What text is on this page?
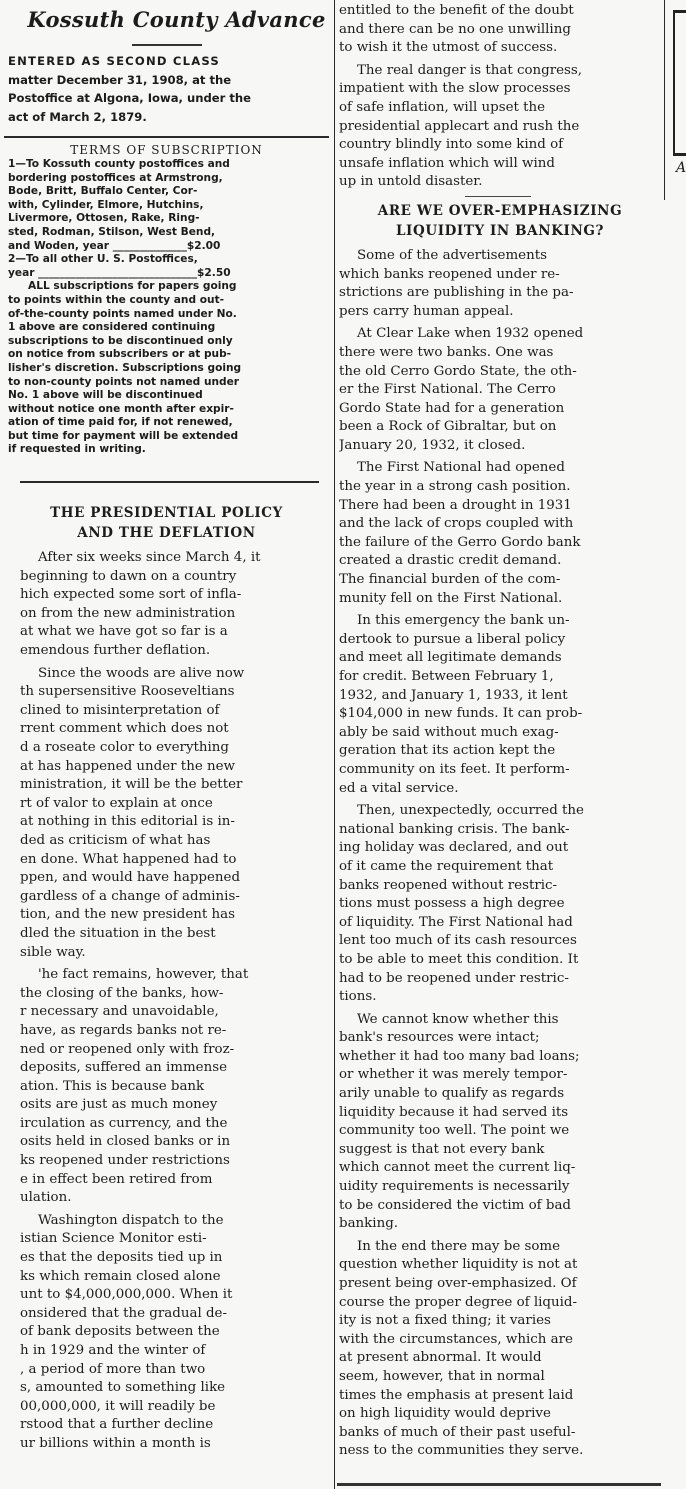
A
Kossuth County Advance
ENTERED AS SECOND CLASS
matter December 31, 1908, at the
Postoffice at Algona, Iowa, under the
act of March 2, 1879.
TERMS OF SUBSCRIPTION
1—To Kossuth county postoffices and
bordering postoffices at Armstrong,
Bode, Britt, Buffalo Center, Cor-
with, Cylinder, Elmore, Hutchins,
Livermore, Ottosen, Rake, Ring-
sted, Rodman, Stilson, West Bend,
and Woden, year ______________$2.00
2—To all other U. S. Postoffices,
year ______________________________$2.50
ALL subscriptions for papers going
to points within the county and out-
of-the-county points named under No.
1 above are considered continuing
subscriptions to be discontinued only
on notice from subscribers or at pub-
lisher's discretion. Subscriptions going
to non-county points not named under
No. 1 above will be discontinued
without notice one month after expir-
ation of time paid for, if not renewed,
but time for payment will be extended
if requested in writing.
THE PRESIDENTIAL POLICY
AND THE DEFLATION
After six weeks since March 4, it
beginning to dawn on a country
hich expected some sort of infla-
on from the new administration
at what we have got so far is a
emendous further deflation.
Since the woods are alive now
th supersensitive Rooseveltians
clined to misinterpretation of
rrent comment which does not
d a roseate color to everything
at has happened under the new
ministration, it will be the better
rt of valor to explain at once
at nothing in this editorial is in-
ded as criticism of what has
en done. What happened had to
ppen, and would have happened
gardless of a change of adminis-
tion, and the new president has
dled the situation in the best
sible way.
'he fact remains, however, that
the closing of the banks, how-
r necessary and unavoidable,
have, as regards banks not re-
ned or reopened only with froz-
deposits, suffered an immense
ation. This is because bank
osits are just as much money
irculation as currency, and the
osits held in closed banks or in
ks reopened under restrictions
e in effect been retired from
ulation.
Washington dispatch to the
istian Science Monitor esti-
es that the deposits tied up in
ks which remain closed alone
unt to $4,000,000,000. When it
onsidered that the gradual de-
of bank deposits between the
h in 1929 and the winter of
, a period of more than two
s, amounted to something like
00,000,000, it will readily be
rstood that a further decline
ur billions within a month is
entitled to the benefit of the doubt
and there can be no one unwilling
to wish it the utmost of success.
The real danger is that congress,
impatient with the slow processes
of safe inflation, will upset the
presidential applecart and rush the
country blindly into some kind of
unsafe inflation which will wind
up in untold disaster.
ARE WE OVER-EMPHASIZING
LIQUIDITY IN BANKING?
Some of the advertisements
which banks reopened under re-
strictions are publishing in the pa-
pers carry human appeal.
At Clear Lake when 1932 opened
there were two banks. One was
the old Cerro Gordo State, the oth-
er the First National. The Cerro
Gordo State had for a generation
been a Rock of Gibraltar, but on
January 20, 1932, it closed.
The First National had opened
the year in a strong cash position.
There had been a drought in 1931
and the lack of crops coupled with
the failure of the Gerro Gordo bank
created a drastic credit demand.
The financial burden of the com-
munity fell on the First National.
In this emergency the bank un-
dertook to pursue a liberal policy
and meet all legitimate demands
for credit. Between February 1,
1932, and January 1, 1933, it lent
$104,000 in new funds. It can prob-
ably be said without much exag-
geration that its action kept the
community on its feet. It perform-
ed a vital service.
Then, unexpectedly, occurred the
national banking crisis. The bank-
ing holiday was declared, and out
of it came the requirement that
banks reopened without restric-
tions must possess a high degree
of liquidity. The First National had
lent too much of its cash resources
to be able to meet this condition. It
had to be reopened under restric-
tions.
We cannot know whether this
bank's resources were intact;
whether it had too many bad loans;
or whether it was merely tempor-
arily unable to qualify as regards
liquidity because it had served its
community too well. The point we
suggest is that not every bank
which cannot meet the current liq-
uidity requirements is necessarily
to be considered the victim of bad
banking.
In the end there may be some
question whether liquidity is not at
present being over-emphasized. Of
course the proper degree of liquid-
ity is not a fixed thing; it varies
with the circumstances, which are
at present abnormal. It would
seem, however, that in normal
times the emphasis at present laid
on high liquidity would deprive
banks of much of their past useful-
ness to the communities they serve.
